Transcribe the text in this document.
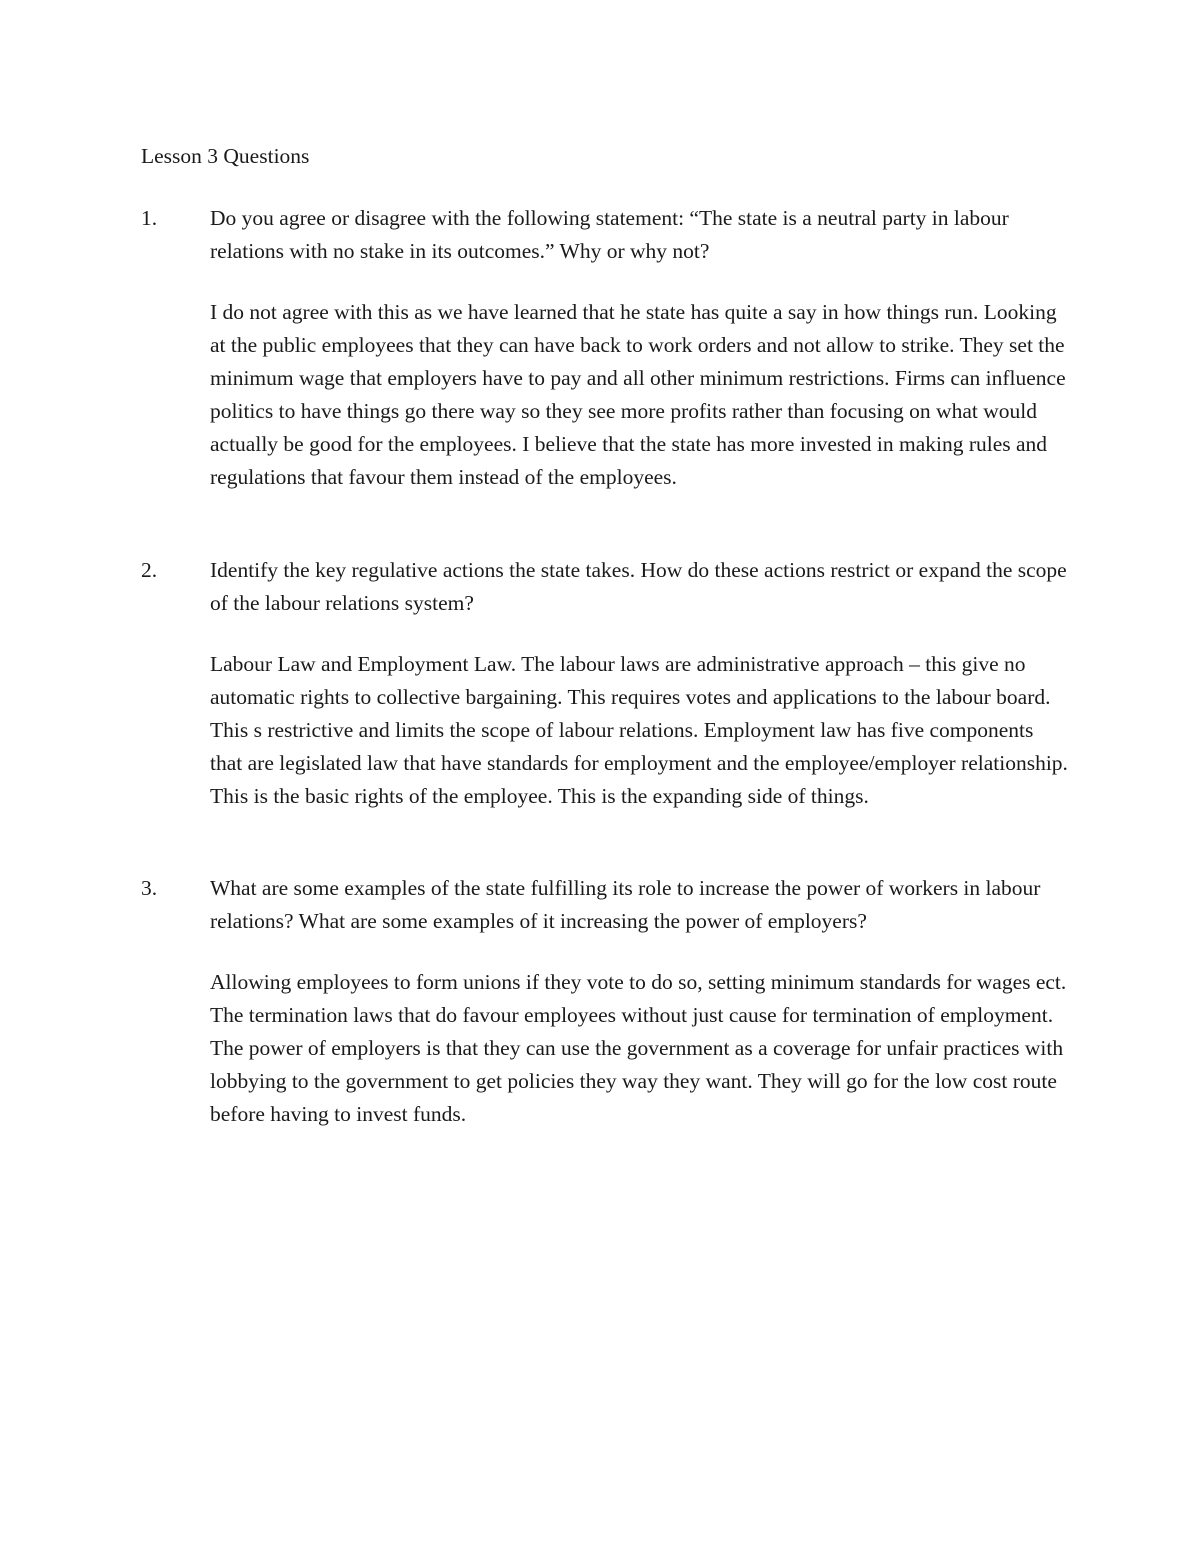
Lesson 3 Questions
1. Do you agree or disagree with the following statement: “The state is a neutral party in labour relations with no stake in its outcomes.” Why or why not?

I do not agree with this as we have learned that he state has quite a say in how things run. Looking at the public employees that they can have back to work orders and not allow to strike. They set the minimum wage that employers have to pay and all other minimum restrictions. Firms can influence politics to have things go there way so they see more profits rather than focusing on what would actually be good for the employees. I believe that the state has more invested in making rules and regulations that favour them instead of the employees.

2. Identify the key regulative actions the state takes. How do these actions restrict or expand the scope of the labour relations system?

Labour Law and Employment Law. The labour laws are administrative approach – this give no automatic rights to collective bargaining. This requires votes and applications to the labour board. This s restrictive and limits the scope of labour relations. Employment law has five components that are legislated law that have standards for employment and the employee/employer relationship. This is the basic rights of the employee. This is the expanding side of things.

3. What are some examples of the state fulfilling its role to increase the power of workers in labour relations? What are some examples of it increasing the power of employers?

Allowing employees to form unions if they vote to do so, setting minimum standards for wages ect. The termination laws that do favour employees without just cause for termination of employment. The power of employers is that they can use the government as a coverage for unfair practices with lobbying to the government to get policies they way they want. They will go for the low cost route before having to invest funds.
